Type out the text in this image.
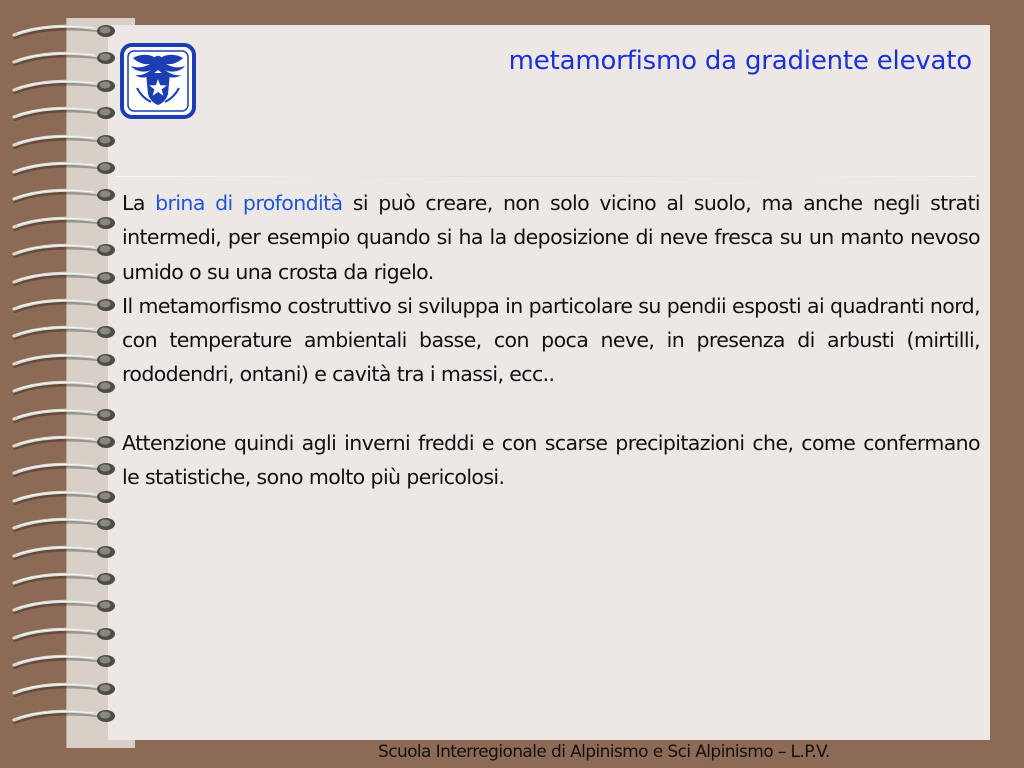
metamorfismo da gradiente elevato

La brina di profondità si può creare, non solo vicino al suolo, ma anche negli strati intermedi, per esempio quando si ha la deposizione di neve fresca su un manto nevoso umido o su una crosta da rigelo.

Il metamorfismo costruttivo si sviluppa in particolare su pendii esposti ai quadranti nord, con temperature ambientali basse, con poca neve, in presenza di arbusti (mirtilli, rododendri, ontani) e cavità tra i massi, ecc..

Attenzione quindi agli inverni freddi e con scarse precipitazioni che, come confermano le statistiche, sono molto più pericolosi.

Scuola Interregionale di Alpinismo e Sci Alpinismo – L.P.V.
